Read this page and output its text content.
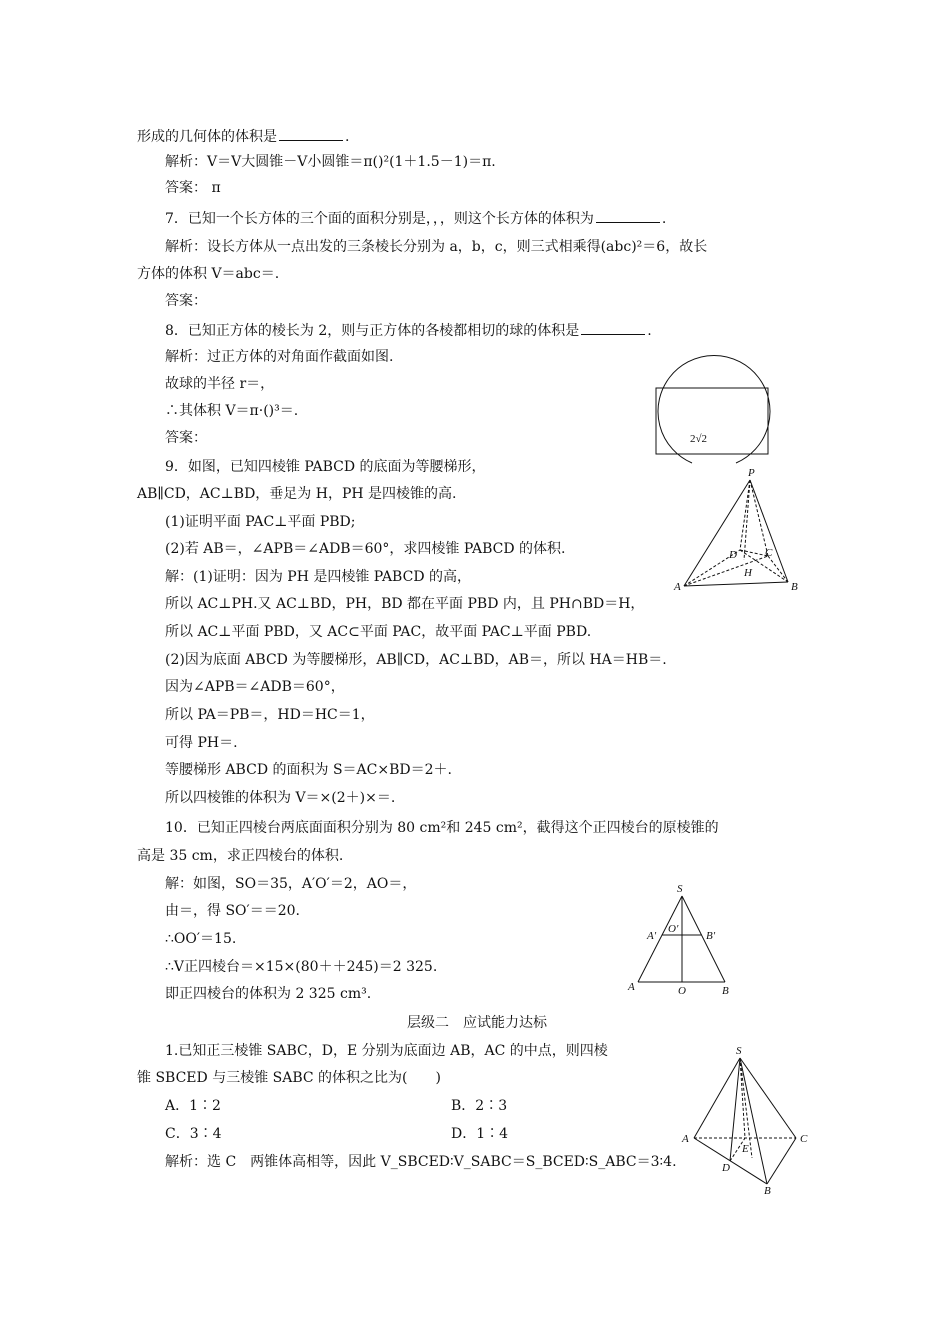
形成的几何体的体积是	.
解析：V＝V大圆锥－V小圆锥＝π()²(1＋1.5－1)＝π.
答案： π
7．已知一个长方体的三个面的面积分别是，，，则这个长方体的体积为	.
解析：设长方体从一点出发的三条棱长分别为 a，b，c，则三式相乘得(abc)²＝6，故长
方体的体积 V＝abc＝.
答案：
8．已知正方体的棱长为 2，则与正方体的各棱都相切的球的体积是	.
解析：过正方体的对角面作截面如图.
故球的半径 r＝，
∴其体积 V＝π·()³＝.
答案：	2√2
9．如图，已知四棱锥 PABCD 的底面为等腰梯形，
AB∥CD，AC⊥BD，垂足为 H，PH 是四棱锥的高.
(1)证明平面 PAC⊥平面 PBD;
(2)若 AB＝，∠APB＝∠ADB＝60°，求四棱锥 PABCD 的体积.
解：(1)证明：因为 PH 是四棱锥 PABCD 的高，
所以 AC⊥PH.又 AC⊥BD，PH，BD 都在平面 PBD 内，且 PH∩BD＝H，
所以 AC⊥平面 PBD，又 AC⊂平面 PAC，故平面 PAC⊥平面 PBD.
(2)因为底面 ABCD 为等腰梯形，AB∥CD，AC⊥BD，AB＝，所以 HA＝HB＝.
因为∠APB＝∠ADB＝60°，
所以 PA＝PB＝，HD＝HC＝1，
可得 PH＝.
等腰梯形 ABCD 的面积为 S＝AC×BD＝2＋.
所以四棱锥的体积为 V＝×(2＋)×＝.
P
A	B
C
D
H
10．已知正四棱台两底面面积分别为 80 cm²和 245 cm²，截得这个正四棱台的原棱锥的
高是 35 cm，求正四棱台的体积.
解：如图，SO＝35，A′O′＝2，AO＝，
由＝，得 SO′＝＝20.
∴OO′＝15.
∴V正四棱台＝×15×(80＋＋245)＝2 325.
即正四棱台的体积为 2 325 cm³.
S
A′
O′
B′
A	O	B
层级二　应试能力达标
1.已知正三棱锥 SABC，D，E 分别为底面边 AB，AC 的中点，则四棱
锥 SBCED 与三棱锥 SABC 的体积之比为(　　)
A．1∶2	B．2∶3
C．3∶4	D．1∶4
解析：选 C　两锥体高相等，因此 V_SBCED∶V_SABC＝S_BCED∶S_ABC＝3∶4.
S
A	C
D
E
B
